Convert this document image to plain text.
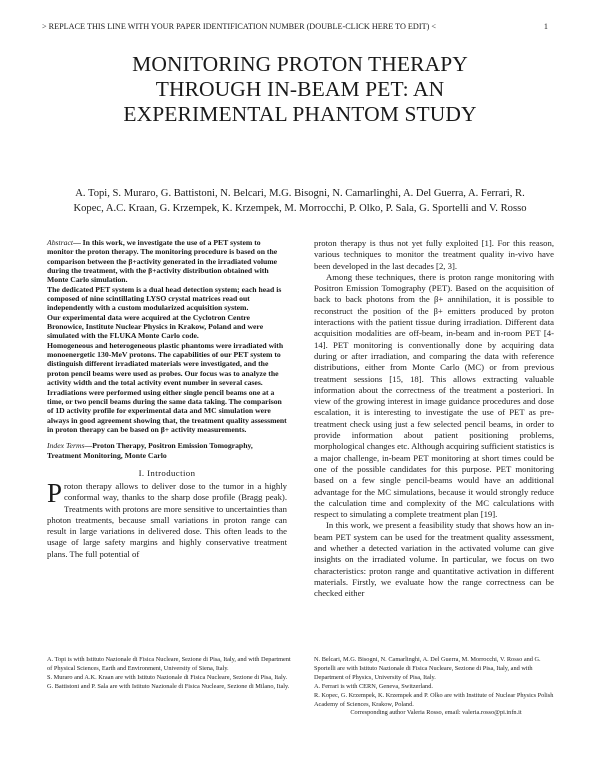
> REPLACE THIS LINE WITH YOUR PAPER IDENTIFICATION NUMBER (DOUBLE-CLICK HERE TO EDIT) <	1
MONITORING PROTON THERAPY
THROUGH IN-BEAM PET: AN
EXPERIMENTAL PHANTOM STUDY
A. Topi, S. Muraro, G. Battistoni, N. Belcari, M.G. Bisogni, N. Camarlinghi, A. Del Guerra, A. Ferrari, R.
Kopec, A.C. Kraan, G. Krzempek, K. Krzempek, M. Morrocchi, P. Olko, P. Sala, G. Sportelli and V. Rosso

Abstract— In this work, we investigate the use of a PET system to monitor the proton therapy. The monitoring procedure is based on the comparison between the β+activity generated in the irradiated volume during the treatment, with the β+activity distribution obtained with Monte Carlo simulation.

The dedicated PET system is a dual head detection system; each head is composed of nine scintillating LYSO crystal matrices read out independently with a custom modularized acquisition system.

Our experimental data were acquired at the Cyclotron Centre Bronowice, Institute Nuclear Physics in Krakow, Poland and were simulated with the FLUKA Monte Carlo code.

Homogeneous and heterogeneous plastic phantoms were irradiated with monoenergetic 130-MeV protons. The capabilities of our PET system to distinguish different irradiated materials were investigated, and the proton pencil beams were used as probes. Our focus was to analyze the activity width and the total activity event number in several cases. Irradiations were performed using either single pencil beams one at a time, or two pencil beams during the same data taking. The comparison of 1D activity profile for experimental data and MC simulation were always in good agreement showing that, the treatment quality assessment in proton therapy can be based on β+ activity measurements.

Index Terms—Proton Therapy, Positron Emission Tomography, Treatment Monitoring, Monte Carlo
I. Introduction

Proton therapy allows to deliver dose to the tumor in a highly conformal way, thanks to the sharp dose profile (Bragg peak). Treatments with protons are more sensitive to uncertainties than photon treatments, because small variations in proton range can result in large variations in delivered dose. This often leads to the usage of large safety margins and highly conservative treatment plans. The full potential of

proton therapy is thus not yet fully exploited [1]. For this reason, various techniques to monitor the treatment quality in-vivo have been developed in the last decades [2, 3].

Among these techniques, there is proton range monitoring with Positron Emission Tomography (PET). Based on the acquisition of back to back photons from the β+ annihilation, it is possible to reconstruct the position of the β+ emitters produced by proton interactions with the patient tissue during irradiation. Different data acquisition modalities are off-beam, in-beam and in-room PET [4-14]. PET monitoring is conventionally done by acquiring data during or after irradiation, and comparing the data with reference distributions, either from Monte Carlo (MC) or from previous treatment sessions [15, 18]. This allows extracting valuable information about the correctness of the treatment a posteriori. In view of the growing interest in image guidance procedures and dose escalation, it is interesting to investigate the use of PET as pre-treatment check using just a few selected pencil beams, in order to provide information about patient positioning problems, morphological changes etc. Although acquiring sufficient statistics is a major challenge, in-beam PET monitoring at short times could be one of the possible candidates for this purpose. PET monitoring based on a few single pencil-beams would have an additional advantage for the MC simulations, because it would strongly reduce the calculation time and complexity of the MC calculations with respect to simulating a complete treatment plan [19].

In this work, we present a feasibility study that shows how an in-beam PET system can be used for the treatment quality assessment, and whether a detected variation in the activated volume can give insights on the irradiated volume. In particular, we focus on two characteristics: proton range and quantitative activation in different materials. Firstly, we evaluate how the range correctness can be checked either

A. Topi is with Istituto Nazionale di Fisica Nucleare, Sezione di Pisa, Italy, and with Department of Physical Sciences, Earth and Environment, University of Siena, Italy.

S. Muraro and A.K. Kraan are with Istituto Nazionale di Fisica Nucleare, Sezione di Pisa, Italy.

G. Battistoni and P. Sala are with Istituto Nazionale di Fisica Nucleare, Sezione di Milano, Italy.

N. Belcari, M.G. Bisogni, N. Camarlinghi, A. Del Guerra, M. Morrocchi, V. Rosso and G. Sportelli are with Istituto Nazionale di Fisica Nucleare, Sezione di Pisa, Italy, and with Department of Physics, University of Pisa, Italy.

A. Ferrari is with CERN, Geneva, Switzerland.

R. Kopec, G. Krzempek, K. Krzempek and P. Olko are with Institute of Nuclear Physics Polish Academy of Sciences, Krakow, Poland.

Corresponding author Valeria Rosso, email: valeria.rosso@pi.infn.it
